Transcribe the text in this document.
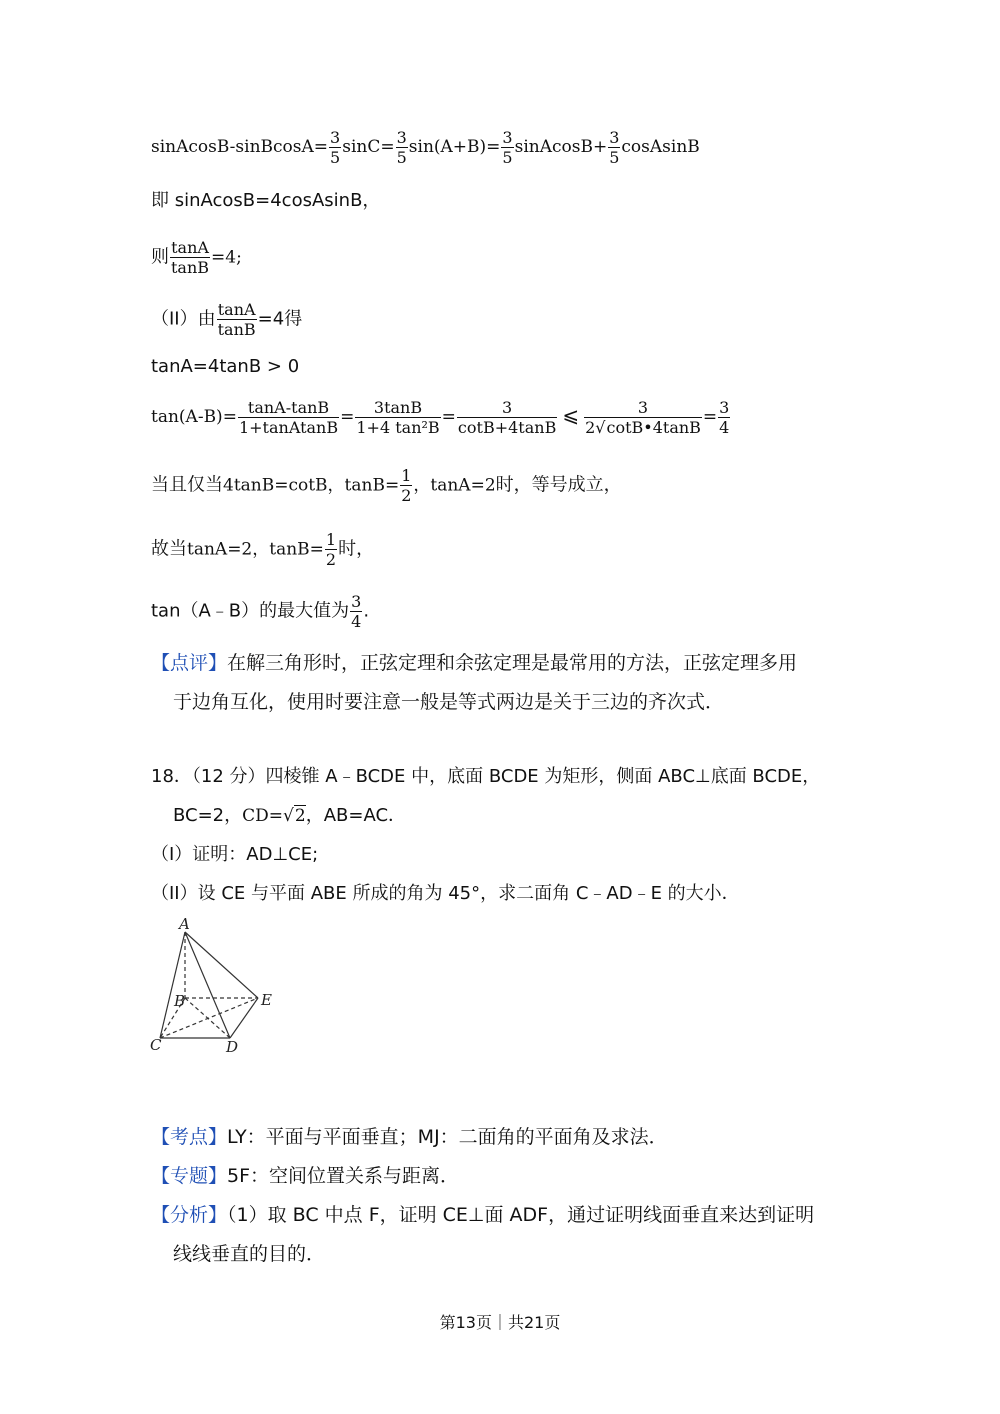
sinAcosB-sinBcosA= $\frac{3}{5} \sin C= \frac{3}{5} \sin(A+B)= \frac{3}{5}$ sinAcosB+ $\frac{3}{5}$ cosAsinB
即 sinAcosB=4cosAsinB，
则 $\frac{\tan A}{\tan B} =4$;
（II）由 $\frac{\tan A}{\tan B} =4$得
tanA=4tanB > 0
$\tan(A-B)= \frac{\tan A-\tan B}{\text{1+tanAtanB}} = \frac{3\tan B}{\text{1+4 tan²B}} = \frac{3}{\cot B+4\tan B}$ ⩽ $\frac{3}{2√\cot B•4\tan B} = \frac{3}{4}$
当且仅当4tanB=cotB，$\tan B= \frac{1}{2}$ ，tanA=2时，等号成立，
故当tanA=2，$\tan B= \frac{1}{2}$ 时，
tan（A﹣B）的最大值为 $\frac{3}{4}$ .
【点评】在解三角形时，正弦定理和余弦定理是最常用的方法，正弦定理多用
于边角互化，使用时要注意一般是等式两边是关于三边的齐次式．
18．（12 分）四棱锥 A﹣BCDE 中，底面 BCDE 为矩形，侧面 ABC⊥底面 BCDE，
BC=2，CD=√2，AB=AC．
（I）证明：AD⊥CE;
（II）设 CE 与平面 ABE 所成的角为 45°，求二面角 C﹣AD﹣E 的大小．
A
B	E
C	D
【考点】LY：平面与平面垂直；MJ：二面角的平面角及求法．
【专题】5F：空间位置关系与距离．
【分析】（1）取 BC 中点 F，证明 CE⊥面 ADF，通过证明线面垂直来达到证明
线线垂直的目的．
第13页｜共21页
